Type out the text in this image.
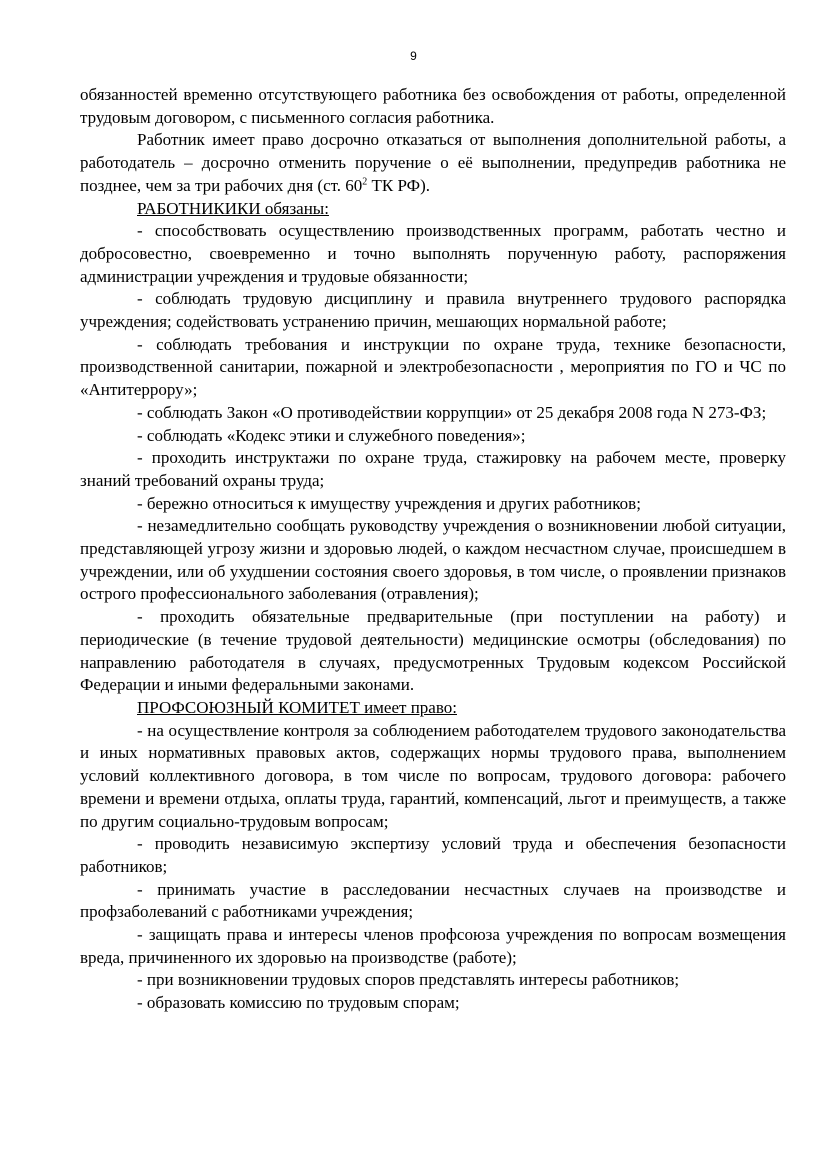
9

обязанностей временно отсутствующего работника без освобождения от работы, определенной трудовым договором, с письменного согласия работника.

Работник имеет право досрочно отказаться от выполнения дополнительной работы, а работодатель – досрочно отменить поручение о её выполнении, предупредив работника не позднее, чем за три рабочих дня (ст. $60^2$ ТК РФ).

РАБОТНИКИКИ обязаны:

- способствовать осуществлению производственных программ, работать честно и добросовестно, своевременно и точно выполнять порученную работу, распоряжения администрации учреждения и трудовые обязанности;

- соблюдать трудовую дисциплину и правила внутреннего трудового распорядка учреждения; содействовать устранению причин, мешающих нормальной работе;

- соблюдать требования и инструкции по охране труда, технике безопасности, производственной санитарии, пожарной и электробезопасности , мероприятия по ГО и ЧС по «Антитеррору»;

- соблюдать Закон «О противодействии коррупции» от 25 декабря 2008 года N 273-ФЗ;

- соблюдать «Кодекс этики и служебного поведения»;

- проходить инструктажи по охране труда, стажировку на рабочем месте, проверку знаний требований охраны труда;

- бережно относиться к имуществу учреждения и других работников;

- незамедлительно сообщать руководству учреждения о возникновении любой ситуации, представляющей угрозу жизни и здоровью людей, о каждом несчастном случае, происшедшем в учреждении, или об ухудшении состояния своего здоровья, в том числе, о проявлении признаков острого профессионального заболевания (отравления);

- проходить обязательные предварительные (при поступлении на работу) и периодические (в течение трудовой деятельности) медицинские осмотры (обследования) по направлению работодателя в случаях, предусмотренных Трудовым кодексом Российской Федерации и иными федеральными законами.

ПРОФСОЮЗНЫЙ КОМИТЕТ имеет право:

- на осуществление контроля за соблюдением работодателем трудового законодательства и иных нормативных правовых актов, содержащих нормы трудового права, выполнением условий коллективного договора, в том числе по вопросам, трудового договора: рабочего времени и времени отдыха, оплаты труда, гарантий, компенсаций, льгот и преимуществ, а также по другим социально-трудовым вопросам;

- проводить независимую экспертизу условий труда и обеспечения безопасности работников;

- принимать участие в расследовании несчастных случаев на производстве и профзаболеваний с работниками учреждения;

- защищать права и интересы членов профсоюза учреждения по вопросам возмещения вреда, причиненного их здоровью на производстве (работе);

- при возникновении трудовых споров представлять интересы работников;

- образовать комиссию по трудовым спорам;
